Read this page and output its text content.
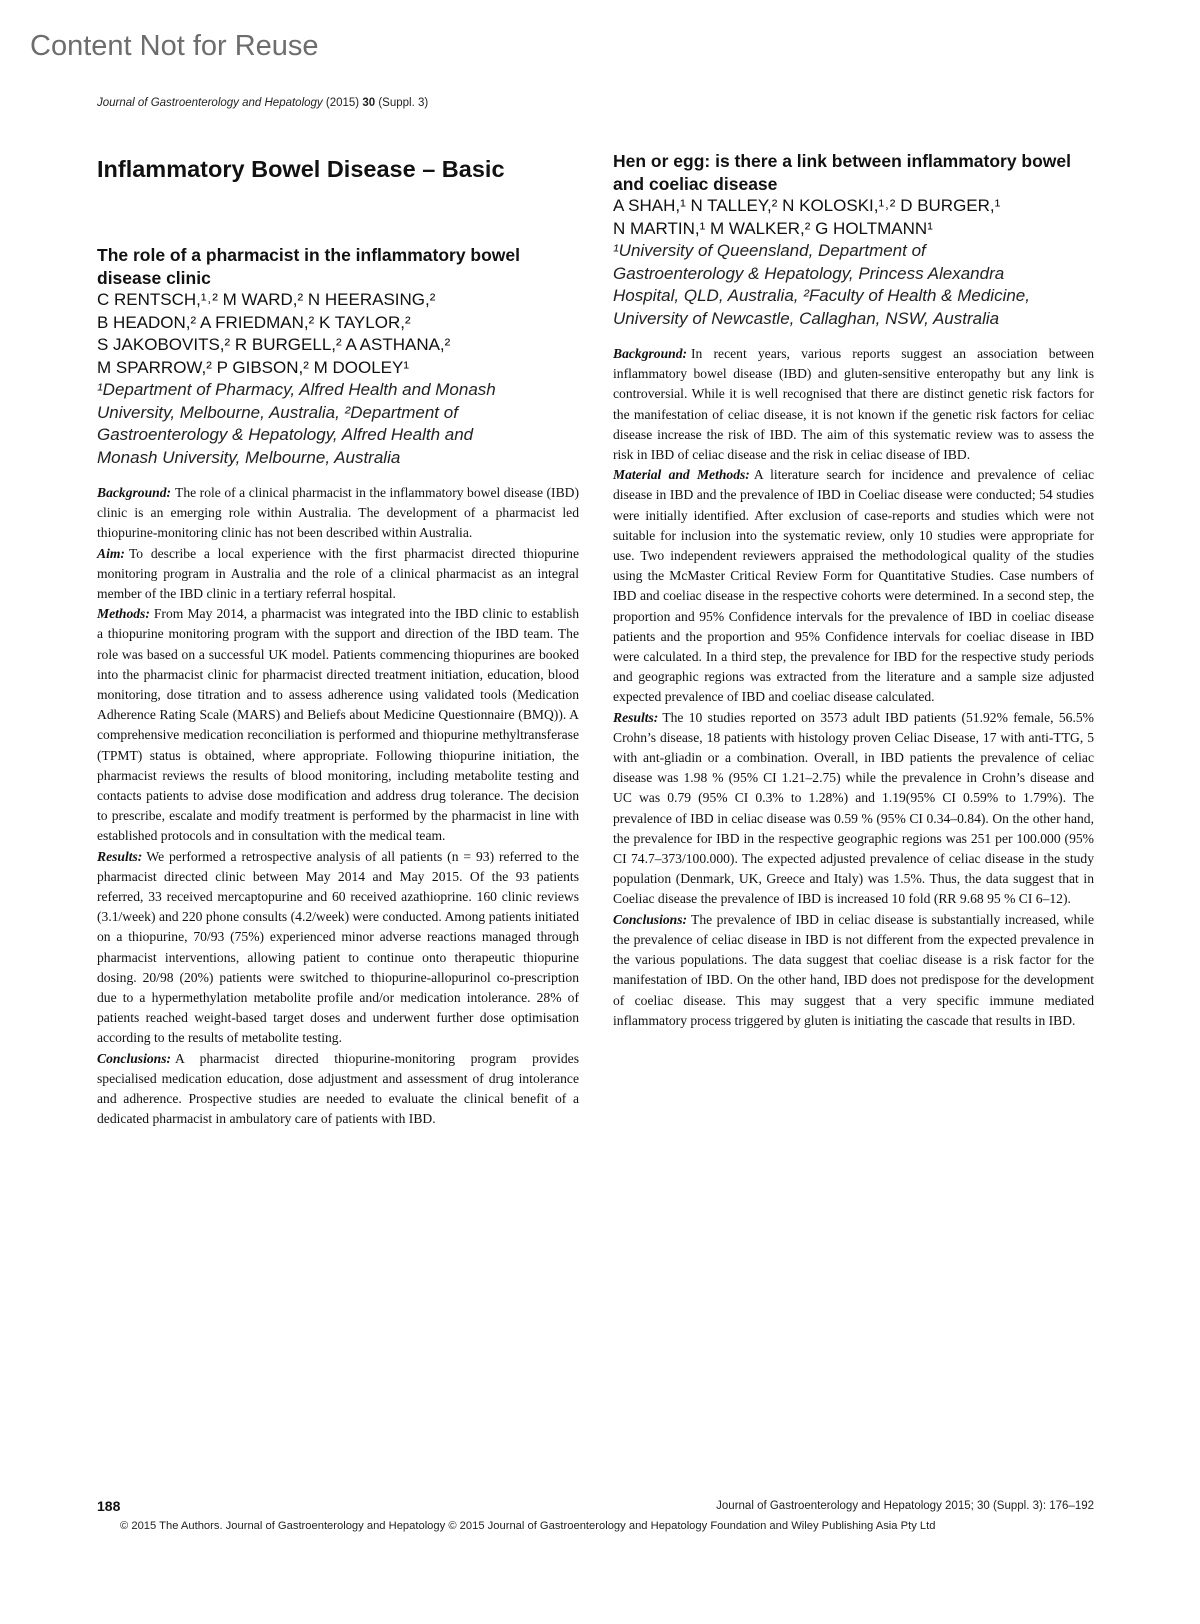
Content Not for Reuse
Journal of Gastroenterology and Hepatology (2015) 30 (Suppl. 3)
Inflammatory Bowel Disease – Basic
The role of a pharmacist in the inflammatory bowel disease clinic

C RENTSCH,¹˒² M WARD,² N HEERASING,²
B HEADON,² A FRIEDMAN,² K TAYLOR,²
S JAKOBOVITS,² R BURGELL,² A ASTHANA,²
M SPARROW,² P GIBSON,² M DOOLEY¹

¹Department of Pharmacy, Alfred Health and Monash
University, Melbourne, Australia, ²Department of
Gastroenterology & Hepatology, Alfred Health and
Monash University, Melbourne, Australia

Background: The role of a clinical pharmacist in the inflammatory bowel disease (IBD) clinic is an emerging role within Australia. The development of a pharmacist led thiopurine-monitoring clinic has not been described within Australia.

Aim: To describe a local experience with the first pharmacist directed thiopurine monitoring program in Australia and the role of a clinical pharmacist as an integral member of the IBD clinic in a tertiary referral hospital.

Methods: From May 2014, a pharmacist was integrated into the IBD clinic to establish a thiopurine monitoring program with the support and direction of the IBD team. The role was based on a successful UK model. Patients commencing thiopurines are booked into the pharmacist clinic for pharmacist directed treatment initiation, education, blood monitoring, dose titration and to assess adherence using validated tools (Medication Adherence Rating Scale (MARS) and Beliefs about Medicine Questionnaire (BMQ)). A comprehensive medication reconciliation is performed and thiopurine methyltransferase (TPMT) status is obtained, where appropriate. Following thiopurine initiation, the pharmacist reviews the results of blood monitoring, including metabolite testing and contacts patients to advise dose modification and address drug tolerance. The decision to prescribe, escalate and modify treatment is performed by the pharmacist in line with established protocols and in consultation with the medical team.

Results: We performed a retrospective analysis of all patients (n = 93) referred to the pharmacist directed clinic between May 2014 and May 2015. Of the 93 patients referred, 33 received mercaptopurine and 60 received azathioprine. 160 clinic reviews (3.1/week) and 220 phone consults (4.2/week) were conducted. Among patients initiated on a thiopurine, 70/93 (75%) experienced minor adverse reactions managed through pharmacist interventions, allowing patient to continue onto therapeutic thiopurine dosing. 20/98 (20%) patients were switched to thiopurine-allopurinol co-prescription due to a hypermethylation metabolite profile and/or medication intolerance. 28% of patients reached weight-based target doses and underwent further dose optimisation according to the results of metabolite testing.

Conclusions: A pharmacist directed thiopurine-monitoring program provides specialised medication education, dose adjustment and assessment of drug intolerance and adherence. Prospective studies are needed to evaluate the clinical benefit of a dedicated pharmacist in ambulatory care of patients with IBD.

Hen or egg: is there a link between inflammatory bowel and coeliac disease

A SHAH,¹ N TALLEY,² N KOLOSKI,¹˒² D BURGER,¹
N MARTIN,¹ M WALKER,² G HOLTMANN¹

¹University of Queensland, Department of
Gastroenterology & Hepatology, Princess Alexandra
Hospital, QLD, Australia, ²Faculty of Health & Medicine,
University of Newcastle, Callaghan, NSW, Australia

Background: In recent years, various reports suggest an association between inflammatory bowel disease (IBD) and gluten-sensitive enteropathy but any link is controversial. While it is well recognised that there are distinct genetic risk factors for the manifestation of celiac disease, it is not known if the genetic risk factors for celiac disease increase the risk of IBD. The aim of this systematic review was to assess the risk in IBD of celiac disease and the risk in celiac disease of IBD.

Material and Methods: A literature search for incidence and prevalence of celiac disease in IBD and the prevalence of IBD in Coeliac disease were conducted; 54 studies were initially identified. After exclusion of case-reports and studies which were not suitable for inclusion into the systematic review, only 10 studies were appropriate for use. Two independent reviewers appraised the methodological quality of the studies using the McMaster Critical Review Form for Quantitative Studies. Case numbers of IBD and coeliac disease in the respective cohorts were determined. In a second step, the proportion and 95% Confidence intervals for the prevalence of IBD in coeliac disease patients and the proportion and 95% Confidence intervals for coeliac disease in IBD were calculated. In a third step, the prevalence for IBD for the respective study periods and geographic regions was extracted from the literature and a sample size adjusted expected prevalence of IBD and coeliac disease calculated.

Results: The 10 studies reported on 3573 adult IBD patients (51.92% female, 56.5% Crohn’s disease, 18 patients with histology proven Celiac Disease, 17 with anti-TTG, 5 with ant-gliadin or a combination. Overall, in IBD patients the prevalence of celiac disease was 1.98 % (95% CI 1.21–2.75) while the prevalence in Crohn’s disease and UC was 0.79 (95% CI 0.3% to 1.28%) and 1.19(95% CI 0.59% to 1.79%). The prevalence of IBD in celiac disease was 0.59 % (95% CI 0.34–0.84). On the other hand, the prevalence for IBD in the respective geographic regions was 251 per 100.000 (95% CI 74.7–373/100.000). The expected adjusted prevalence of celiac disease in the study population (Denmark, UK, Greece and Italy) was 1.5%. Thus, the data suggest that in Coeliac disease the prevalence of IBD is increased 10 fold (RR 9.68 95 % CI 6–12).

Conclusions: The prevalence of IBD in celiac disease is substantially increased, while the prevalence of celiac disease in IBD is not different from the expected prevalence in the various populations. The data suggest that coeliac disease is a risk factor for the manifestation of IBD. On the other hand, IBD does not predispose for the development of coeliac disease. This may suggest that a very specific immune mediated inflammatory process triggered by gluten is initiating the cascade that results in IBD.

188	Journal of Gastroenterology and Hepatology 2015; 30 (Suppl. 3): 176–192
© 2015 The Authors. Journal of Gastroenterology and Hepatology © 2015 Journal of Gastroenterology and Hepatology Foundation and Wiley Publishing Asia Pty Ltd
